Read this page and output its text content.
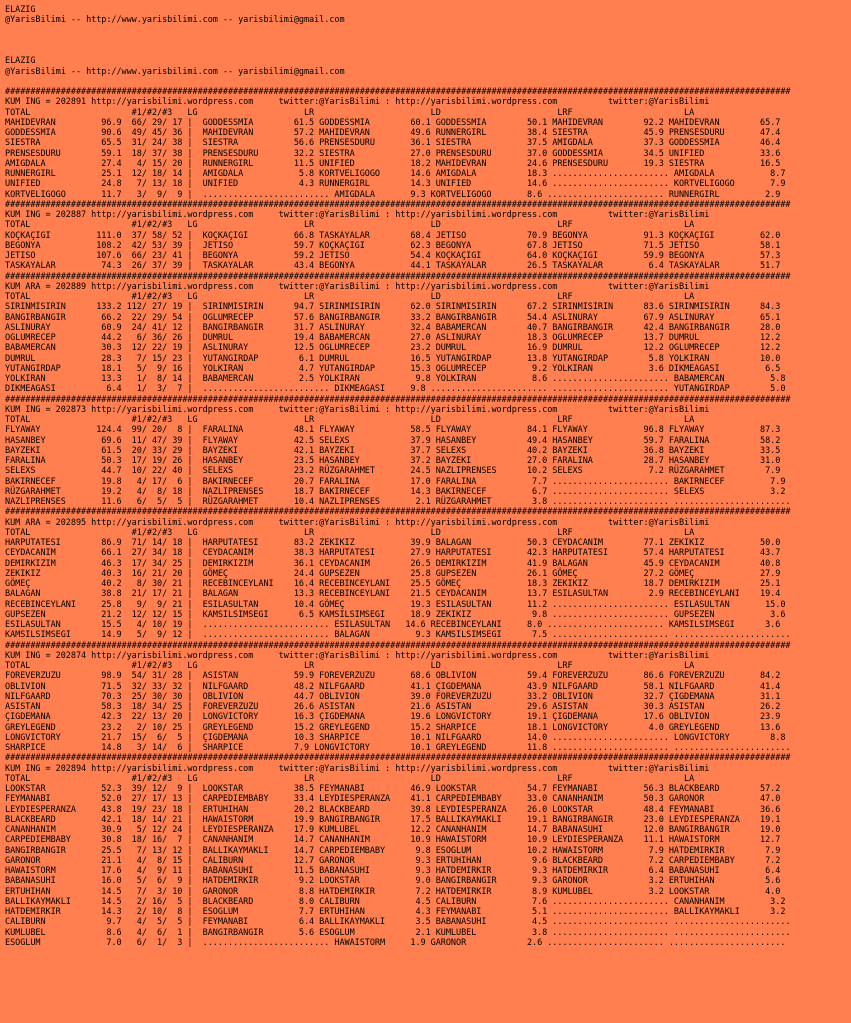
ELAZIG
@YarisBilimi -- http://www.yarisbilimi.com -- yarisbilimi@gmail.com
ELAZIG
@YarisBilimi -- http://www.yarisbilimi.com -- yarisbilimi@gmail.com
###########################################################################################################################################################
KUM ING = 202891 http://yarisbilimi.wordpress.com     twitter:@YarisBilimi : http://yarisbilimi.wordpress.com          twitter:@YarisBilimi
TOTAL                    #1/#2/#3   LG                     LR                       LD                       LRF                      LA
MAHIDEVRAN         96.9  66/ 29/ 17 |  GODDESSMIA        61.5 GODDESSMIA        60.1 GODDESSMIA        50.1 MAHIDEVRAN        92.2 MAHIDEVRAN        65.7
GODDESSMIA         90.6  49/ 45/ 36 |  MAHIDEVRAN        57.2 MAHIDEVRAN        49.6 RUNNERGIRL        38.4 SIESTRA           45.9 PRENSESDURU       47.4
SIESTRA            65.5  31/ 24/ 38 |  SIESTRA           56.6 PRENSESDURU       36.1 SIESTRA           37.5 AMIGDALA          37.3 GODDESSMIA        46.4
PRENSESDURU        59.1  18/ 37/ 38 |  PRENSESDURU       32.2 SIESTRA           27.0 PRENSESDURU       37.0 GODDESSMIA        34.5 UNIFIED           33.6
AMIGDALA           27.4   4/ 15/ 20 |  RUNNERGIRL        11.5 UNIFIED           18.2 MAHIDEVRAN        24.6 PRENSESDURU       19.3 SIESTRA           16.5
RUNNERGIRL         25.1  12/ 18/ 14 |  AMIGDALA           5.8 KORTVELIGOGO      14.6 AMIGDALA          18.3 ....................... AMIGDALA           8.7
UNIFIED            24.8   7/ 13/ 18 |  UNIFIED            4.3 RUNNERGIRL        14.3 UNIFIED           14.6 ....................... KORTVELIGOGO       7.9
KORTVELIGOGO       11.7   3/  9/  9 |  ......................... AMIGDALA       9.3 KORTVELIGOGO       8.6 ....................... RUNNERGIRL         2.9
###########################################################################################################################################################
KUM ING = 202887 http://yarisbilimi.wordpress.com     twitter:@YarisBilimi : http://yarisbilimi.wordpress.com          twitter:@YarisBilimi
TOTAL                    #1/#2/#3   LG                     LR                       LD                       LRF                      LA
KOÇKAÇIGI         111.0  37/ 58/ 52 |  KOÇKAÇIGI         66.8 TASKAYALAR        68.4 JETISO            70.9 BEGONYA           91.3 KOÇKAÇIGI         62.0
BEGONYA           108.2  42/ 53/ 39 |  JETISO            59.7 KOÇKAÇIGI         62.3 BEGONYA           67.8 JETISO            71.5 JETISO            58.1
JETISO            107.6  66/ 23/ 41 |  BEGONYA           59.2 JETISO            54.4 KOÇKAÇIGI         64.0 KOÇKAÇIGI         59.9 BEGONYA           57.3
TASKAYALAR         74.3  26/ 37/ 39 |  TASKAYALAR        43.4 BEGONYA           44.1 TASKAYALAR        26.5 TASKAYALAR         6.4 TASKAYALAR        51.7
###########################################################################################################################################################
KUM ARA = 202889 http://yarisbilimi.wordpress.com     twitter:@YarisBilimi : http://yarisbilimi.wordpress.com          twitter:@YarisBilimi
TOTAL                    #1/#2/#3   LG                     LR                       LD                       LRF                      LA
SIRINMISIRIN      133.2 112/ 27/ 19 |  SIRINMISIRIN      94.7 SIRINMISIRIN      62.0 SIRINMISIRIN      67.2 SIRINMISIRIN      83.6 SIRINMISIRIN      84.3
BANGIRBANGIR       66.2  22/ 29/ 54 |  OGLUMRECEP        57.6 BANGIRBANGIR      33.2 BANGIRBANGIR      54.4 ASLINURAY         67.9 ASLINURAY         65.1
ASLINURAY          60.9  24/ 41/ 12 |  BANGIRBANGIR      31.7 ASLINURAY         32.4 BABAMERCAN        40.7 BANGIRBANGIR      42.4 BANGIRBANGIR      28.0
OGLUMRECEP         44.2   6/ 36/ 26 |  DUMRUL            19.4 BABAMERCAN        27.0 ASLINURAY         18.3 OGLUMRECEP        13.7 DUMRUL            12.2
BABAMERCAN         30.3  12/ 22/ 19 |  ASLINURAY         12.5 OGLUMRECEP        23.2 DUMRUL            16.9 DUMRUL            12.2 OGLUMRECEP        12.2
DUMRUL             28.3   7/ 15/ 23 |  YUTANGIRDAP        6.1 DUMRUL            16.5 YUTANGIRDAP       13.8 YUTANGIRDAP        5.8 YOLKIRAN          10.0
YUTANGIRDAP        18.1   5/  9/ 16 |  YOLKIRAN           4.7 YUTANGIRDAP       15.3 OGLUMRECEP         9.2 YOLKIRAN           3.6 DIKMEAGASI         6.5
YOLKIRAN           13.3   1/  8/ 14 |  BABAMERCAN         2.5 YOLKIRAN           9.8 YOLKIRAN           8.6 ....................... BABAMERCAN         5.8
DIKMEAGASI          6.4   1/  3/  7 |  ......................... DIKMEAGASI     9.8 ....................... ....................... YUTANGIRDAP        5.0
###########################################################################################################################################################
KUM ING = 202873 http://yarisbilimi.wordpress.com     twitter:@YarisBilimi : http://yarisbilimi.wordpress.com          twitter:@YarisBilimi
TOTAL                    #1/#2/#3   LG                     LR                       LD                       LRF                      LA
FLYAWAY           124.4  99/ 20/  8 |  FARALINA          48.1 FLYAWAY           58.5 FLYAWAY           84.1 FLYAWAY           96.8 FLYAWAY           87.3
HASANBEY           69.6  11/ 47/ 39 |  FLYAWAY           42.5 SELEXS            37.9 HASANBEY          49.4 HASANBEY          59.7 FARALINA          58.2
BAYZEKI            61.5  20/ 33/ 29 |  BAYZEKI           42.1 BAYZEKI           37.7 SELEXS            40.2 BAYZEKI           36.8 BAYZEKI           33.5
FARALINA           50.3  17/ 19/ 26 |  HASANBEY          23.5 HASANBEY          37.2 BAYZEKI           27.0 FARALINA          28.7 HASANBEY          31.0
SELEXS             44.7  10/ 22/ 40 |  SELEXS            23.2 RÜZGARAHMET       24.5 NAZLIPRENSES      10.2 SELEXS             7.2 RÜZGARAHMET        7.9
BAKIRNECEF         19.8   4/ 17/  6 |  BAKIRNECEF        20.7 FARALINA          17.0 FARALINA           7.7 ....................... BAKIRNECEF         7.9
RÜZGARAHMET        19.2   4/  8/ 18 |  NAZLIPRENSES      18.7 BAKIRNECEF        14.3 BAKIRNECEF         6.7 ....................... SELEXS             3.2
NAZLIPRENSES       11.6   6/  5/  5 |  RÜZGARAHMET       10.4 NAZLIPRENSES       2.1 RÜZGARAHMET        3.8 ....................... .......................
###########################################################################################################################################################
KUM ARA = 202895 http://yarisbilimi.wordpress.com     twitter:@YarisBilimi : http://yarisbilimi.wordpress.com          twitter:@YarisBilimi
TOTAL                    #1/#2/#3   LG                     LR                       LD                       LRF                      LA
HARPUTATESI        86.9  71/ 14/ 18 |  HARPUTATESI       83.2 ZEKIKIZ           39.9 BALAGAN           50.3 CEYDACANIM        77.1 ZEKIKIZ           50.0
CEYDACANIM         66.1  27/ 34/ 18 |  CEYDACANIM        38.3 HARPUTATESI       27.9 HARPUTATESI       42.3 HARPUTATESI       57.4 HARPUTATESI       43.7
DEMIRKIZIM         46.3  17/ 34/ 25 |  DEMIRKIZIM        36.1 CEYDACANIM        26.5 DEMIRKIZIM        41.9 BALAGAN           45.9 CEYDACANIM        40.8
ZEKIKIZ            40.3  16/ 21/ 20 |  GÖMEÇ             24.4 GUPSEZEN          25.8 GUPSEZEN          26.1 GÖMEÇ             27.2 GÖMEÇ             27.9
GÖMEÇ              40.2   8/ 30/ 21 |  RECEBINCEYLANI    16.4 RECEBINCEYLANI    25.5 GÖMEÇ             18.3 ZEKIKIZ           18.7 DEMIRKIZIM        25.1
BALAGAN            38.8  21/ 17/ 21 |  BALAGAN           13.3 RECEBINCEYLANI    21.5 CEYDACANIM        13.7 ESILASULTAN        2.9 RECEBINCEYLANI    19.4
RECEBINCEYLANI     25.8   9/  9/ 21 |  ESILASULTAN       10.4 GÖMEÇ             19.3 ESILASULTAN       11.2 ....................... ESILASULTAN       15.0
GUPSEZEN           21.2  12/ 12/ 15 |  KAMSILSIMSEGI      6.5 KAMSILSIMSEGI     18.9 ZEKIKIZ            9.8 ....................... GUPSEZEN           3.6
ESILASULTAN        15.5   4/ 10/ 19 |  ......................... ESILASULTAN   14.6 RECEBINCEYLANI     8.0 ....................... KAMSILSIMSEGI      3.6
KAMSILSIMSEGI      14.9   5/  9/ 12 |  ......................... BALAGAN         9.3 KAMSILSIMSEGI      7.5 ....................... .......................
###########################################################################################################################################################
KUM ING = 202874 http://yarisbilimi.wordpress.com     twitter:@YarisBilimi : http://yarisbilimi.wordpress.com          twitter:@YarisBilimi
TOTAL                    #1/#2/#3   LG                     LR                       LD                       LRF                      LA
FOREVERZUZU        98.9  54/ 31/ 28 |  ASISTAN           59.9 FOREVERZUZU       68.6 OBLIVION          59.4 FOREVERZUZU       86.6 FOREVERZUZU       84.2
OBLIVION           71.5  32/ 33/ 32 |  NILFGAARD         48.2 NILFGAARD         41.1 ÇIGDEMANA         43.9 NILFGAARD         58.1 NILFGAARD         41.4
NILFGAARD          70.3  25/ 30/ 30 |  OBLIVION          44.7 OBLIVION          39.0 FOREVERZUZU       33.2 OBLIVION          32.7 ÇIGDEMANA         31.1
ASISTAN            58.3  18/ 34/ 25 |  FOREVERZUZU       26.6 ASISTAN           21.6 ASISTAN           29.6 ASISTAN           30.3 ASISTAN           26.2
ÇIGDEMANA          42.3  22/ 13/ 20 |  LONGVICTORY       16.3 ÇIGDEMANA         19.6 LONGVICTORY       19.1 ÇIGDEMANA         17.6 OBLIVION          23.9
GREYLEGEND         23.2   2/ 10/ 25 |  GREYLEGEND        15.2 GREYLEGEND        15.2 SHARPICE          18.1 LONGVICTORY        4.0 GREYLEGEND        13.6
LONGVICTORY        21.7  15/  6/  5 |  ÇIGDEMANA         10.3 SHARPICE          10.1 NILFGAARD         14.0 ....................... LONGVICTORY        8.8
SHARPICE           14.8   3/ 14/  6 |  SHARPICE          7.9 LONGVICTORY        10.1 GREYLEGEND        11.8 ....................... .......................
###########################################################################################################################################################
KUM ING = 202894 http://yarisbilimi.wordpress.com     twitter:@YarisBilimi : http://yarisbilimi.wordpress.com          twitter:@YarisBilimi
TOTAL                    #1/#2/#3   LG                     LR                       LD                       LRF                      LA
LOOKSTAR           52.3  39/ 12/  9 |  LOOKSTAR          38.5 FEYMANABI         46.9 LOOKSTAR          54.7 FEYMANABI         56.3 BLACKBEARD        57.2
FEYMANABI          52.0  27/ 17/ 13 |  CARPEDIEMBABY     33.4 LEYDIESPERANZA    41.1 CARPEDIEMBABY     33.0 CANANHANIM        50.3 GARONOR           47.0
LEYDIESPERANZA     43.8  19/ 23/ 18 |  ERTUHIHAN         20.2 BLACKBEARD        39.8 LEYDIESPERANZA    26.0 LOOKSTAR          48.4 FEYMANABI         36.6
BLACKBEARD         42.1  18/ 14/ 21 |  HAWAISTORM        19.9 BANGIRBANGIR      17.5 BALLIKAYMAKLI     19.1 BANGIRBANGIR      23.0 LEYDIESPERANZA    19.1
CANANHANIM         30.9   5/ 12/ 24 |  LEYDIESPERANZA    17.9 KUMLUBEL          12.2 CANANHANIM        14.7 BABANASUHI        12.0 BANGIRBANGIR      19.0
CARPEDIEMBABY      30.8  18/ 16/  7 |  CANANHANIM        14.7 CANANHANIM        10.9 HAWAISTORM        10.9 LEYDIESPERANZA    11.1 HAWAISTORM        12.7
BANGIRBANGIR       25.5   7/ 13/ 12 |  BALLIKAYMAKLI     14.7 CARPEDIEMBABY      9.8 ESOGLUM           10.2 HAWAISTORM         7.9 HATDEMIRKIR        7.9
GARONOR            21.1   4/  8/ 15 |  CALIBURN          12.7 GARONOR            9.3 ERTUHIHAN          9.6 BLACKBEARD         7.2 CARPEDIEMBABY      7.2
HAWAISTORM         17.6   4/  9/ 11 |  BABANASUHI        11.5 BABANASUHI         9.3 HATDEMIRKIR        9.3 HATDEMIRKIR        6.4 BABANASUHI         6.4
BABANASUHI         16.0   5/  6/  9 |  HATDEMIRKIR        9.2 LOOKSTAR           9.0 BANGIRBANGIR       9.3 GARONOR            3.2 ERTUHIHAN          5.6
ERTUHIHAN          14.5   7/  3/ 10 |  GARONOR            8.8 HATDEMIRKIR        7.2 HATDEMIRKIR        8.9 KUMLUBEL           3.2 LOOKSTAR           4.0
BALLIKAYMAKLI      14.5   2/ 16/  5 |  BLACKBEARD         8.0 CALIBURN           4.5 CALIBURN           7.6 ....................... CANANHANIM         3.2
HATDEMIRKIR        14.3   2/ 10/  8 |  ESOGLUM            7.7 ERTUHIHAN          4.3 FEYMANABI          5.1 ....................... BALLIKAYMAKLI      3.2
CALIBURN            9.7   4/  5/  5 |  FEYMANABI          6.4 BALLIKAYMAKLI      3.5 BABANASUHI         4.5 ....................... .......................
KUMLUBEL            8.6   4/  6/  1 |  BANGIRBANGIR       5.6 ESOGLUM            2.1 KUMLUBEL           3.8 ....................... .......................
ESOGLUM             7.0   6/  1/  3 |  ......................... HAWAISTORM     1.9 GARONOR            2.6 ....................... .......................
